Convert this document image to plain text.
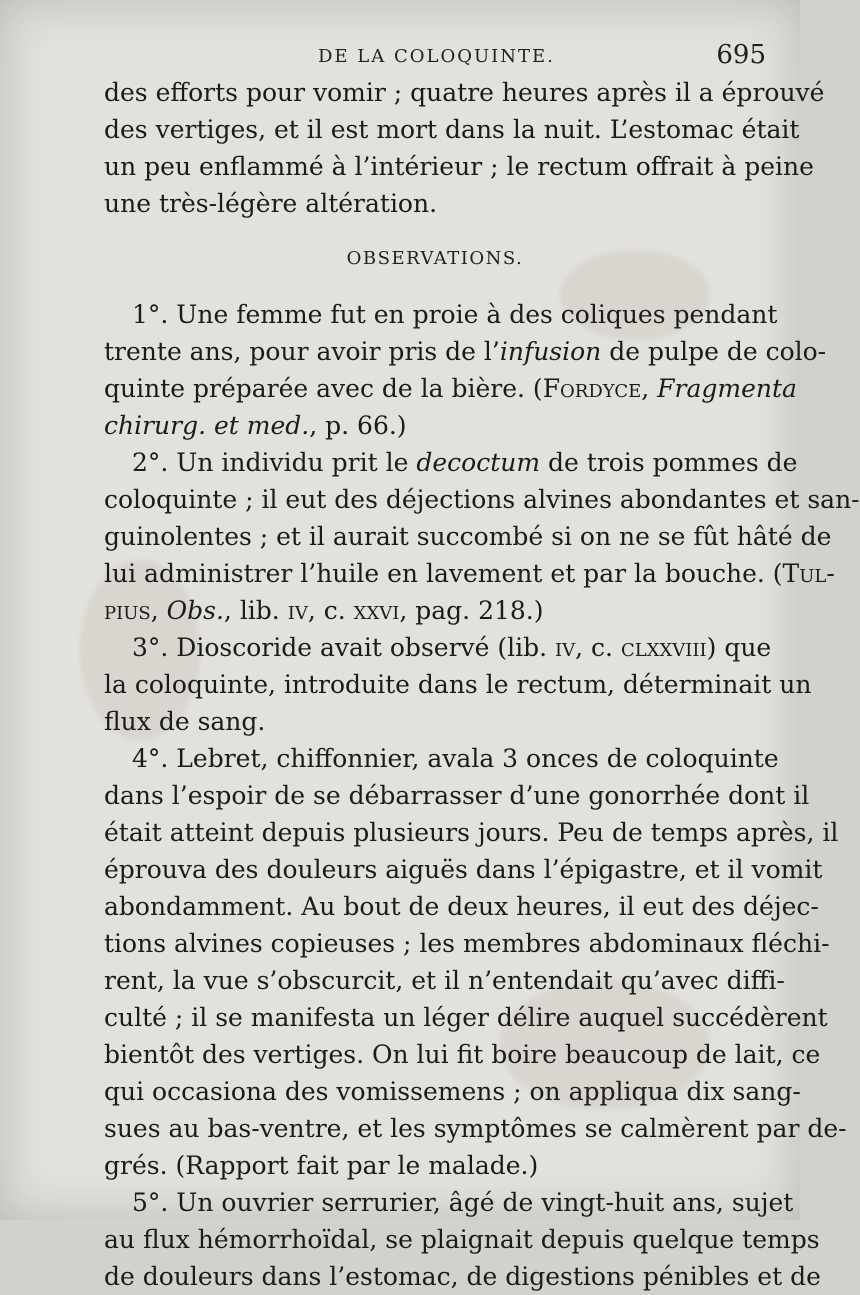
DE LA COLOQUINTE.	695
des efforts pour vomir ; quatre heures après il a éprouvé
des vertiges, et il est mort dans la nuit. L’estomac était
un peu enflammé à l’intérieur ; le rectum offrait à peine
une très-légère altération.
OBSERVATIONS.
1°. Une femme fut en proie à des coliques pendant
trente ans, pour avoir pris de l’infusion de pulpe de colo-
quinte préparée avec de la bière. (Fordyce, Fragmenta
chirurg. et med., p. 66.)
2°. Un individu prit le decoctum de trois pommes de
coloquinte ; il eut des déjections alvines abondantes et san-
guinolentes ; et il aurait succombé si on ne se fût hâté de
lui administrer l’huile en lavement et par la bouche. (Tul-
pius, Obs., lib. iv, c. xxvi, pag. 218.)
3°. Dioscoride avait observé (lib. iv, c. clxxviii) que
la coloquinte, introduite dans le rectum, déterminait un
flux de sang.
4°. Lebret, chiffonnier, avala 3 onces de coloquinte
dans l’espoir de se débarrasser d’une gonorrhée dont il
était atteint depuis plusieurs jours. Peu de temps après, il
éprouva des douleurs aiguës dans l’épigastre, et il vomit
abondamment. Au bout de deux heures, il eut des déjec-
tions alvines copieuses ; les membres abdominaux fléchi-
rent, la vue s’obscurcit, et il n’entendait qu’avec diffi-
culté ; il se manifesta un léger délire auquel succédèrent
bientôt des vertiges. On lui fit boire beaucoup de lait, ce
qui occasiona des vomissemens ; on appliqua dix sang-
sues au bas-ventre, et les symptômes se calmèrent par de-
grés. (Rapport fait par le malade.)
5°. Un ouvrier serrurier, âgé de vingt-huit ans, sujet
au flux hémorrhoïdal, se plaignait depuis quelque temps
de douleurs dans l’estomac, de digestions pénibles et de
